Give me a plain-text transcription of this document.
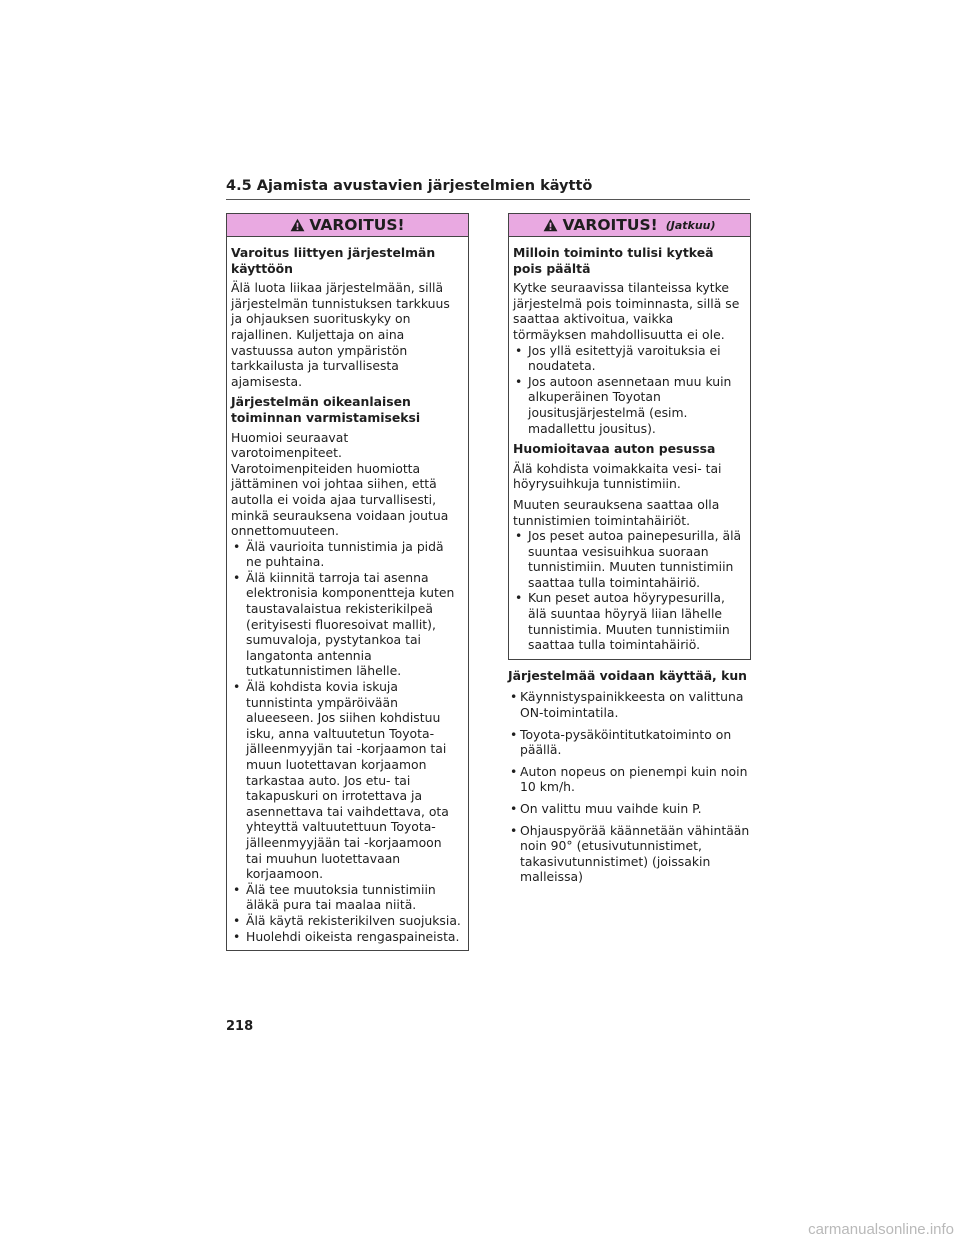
4.5 Ajamista avustavien järjestelmien käyttö
VAROITUS!
Varoitus liittyen järjestelmän käyttöön

Älä luota liikaa järjestelmään, sillä järjestelmän tunnistuksen tarkkuus ja ohjauksen suorituskyky on rajallinen. Kuljettaja on aina vastuussa auton ympäristön tarkkailusta ja turvallisesta ajamisesta.

Järjestelmän oikeanlaisen toiminnan varmistamiseksi

Huomioi seuraavat varotoimenpiteet. Varotoimenpiteiden huomiotta jättäminen voi johtaa siihen, että autolla ei voida ajaa turvallisesti, minkä seurauksena voidaan joutua onnettomuuteen.

• Älä vaurioita tunnistimia ja pidä ne puhtaina.
• Älä kiinnitä tarroja tai asenna elektronisia komponentteja kuten taustavalaistua rekisterikilpeä (erityisesti fluoresoivat mallit), sumuvaloja, pystytankoa tai langatonta antennia tutkatunnistimen lähelle.
• Älä kohdista kovia iskuja tunnistinta ympäröivään alueeseen. Jos siihen kohdistuu isku, anna valtuutetun Toyota-jälleenmyyjän tai -korjaamon tai muun luotettavan korjaamon tarkastaa auto. Jos etu- tai takapuskuri on irrotettava ja asennettava tai vaihdettava, ota yhteyttä valtuutettuun Toyota-jälleenmyyjään tai -korjaamoon tai muuhun luotettavaan korjaamoon.
• Älä tee muutoksia tunnistimiin äläkä pura tai maalaa niitä.
• Älä käytä rekisterikilven suojuksia.
• Huolehdi oikeista rengaspaineista.
VAROITUS! (Jatkuu)
Milloin toiminto tulisi kytkeä pois päältä

Kytke seuraavissa tilanteissa kytke järjestelmä pois toiminnasta, sillä se saattaa aktivoitua, vaikka törmäyksen mahdollisuutta ei ole.

• Jos yllä esitettyjä varoituksia ei noudateta.
• Jos autoon asennetaan muu kuin alkuperäinen Toyotan jousitusjärjestelmä (esim. madallettu jousitus).
Huomioitavaa auton pesussa

Älä kohdista voimakkaita vesi- tai höyrysuihkuja tunnistimiin.

Muuten seurauksena saattaa olla tunnistimien toimintahäiriöt.

• Jos peset autoa painepesurilla, älä suuntaa vesisuihkua suoraan tunnistimiin. Muuten tunnistimiin saattaa tulla toimintahäiriö.
• Kun peset autoa höyrypesurilla, älä suuntaa höyryä liian lähelle tunnistimia. Muuten tunnistimiin saattaa tulla toimintahäiriö.
Järjestelmää voidaan käyttää, kun
• Käynnistyspainikkeesta on valittuna ON-toimintatila.
• Toyota-pysäköintitutkatoiminto on päällä.
• Auton nopeus on pienempi kuin noin 10 km/h.
• On valittu muu vaihde kuin P.
• Ohjauspyörää käännetään vähintään noin 90° (etusivutunnistimet, takasivutunnistimet) (joissakin malleissa)
218
carmanualsonline.info
